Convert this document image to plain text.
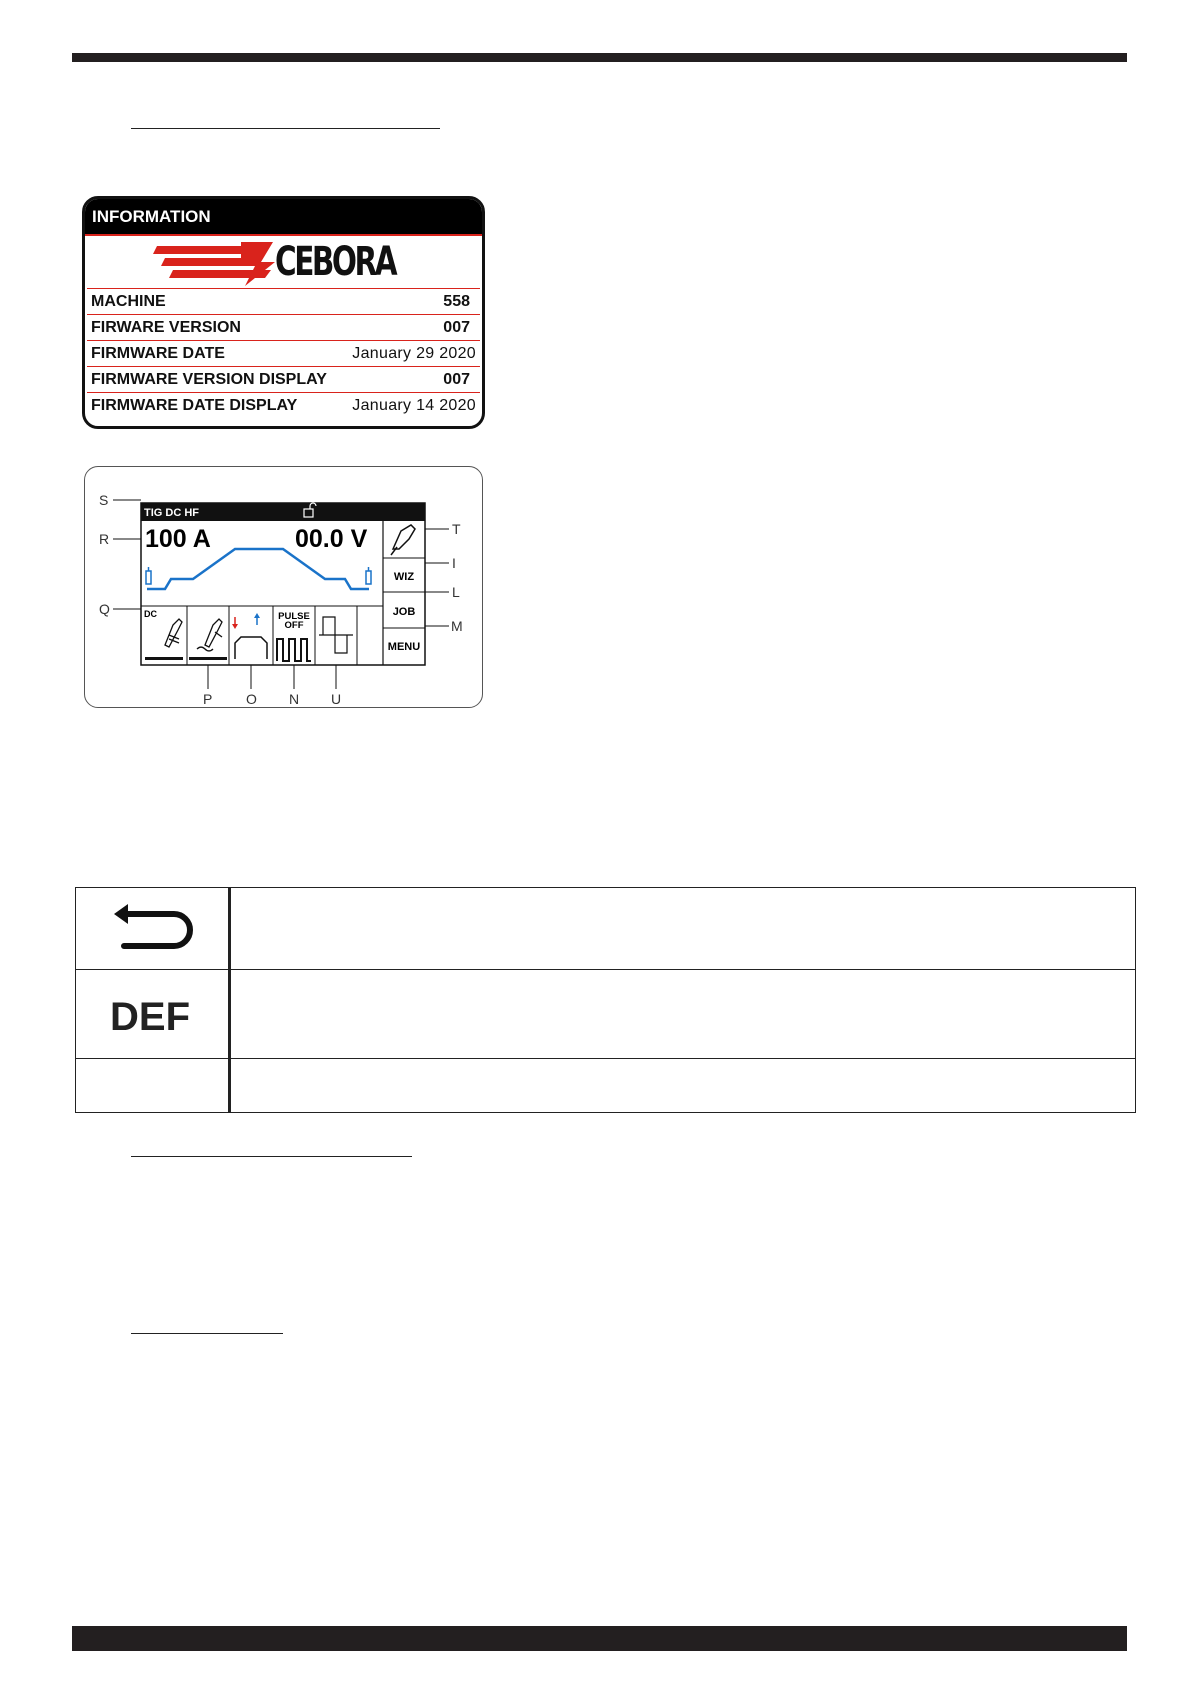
INFORMATION
CEBORA
MACHINE	558
FIRWARE VERSION	007
FIRMWARE DATE	January 29 2020
FIRMWARE VERSION DISPLAY	007
FIRMWARE DATE DISPLAY	January 14 2020
TIG DC HF
WIZ
JOB
MENU
100 A	00.0 V
DC	PULSE
OFF
S
R
Q
T
I
L
M
P O N U
DEF
